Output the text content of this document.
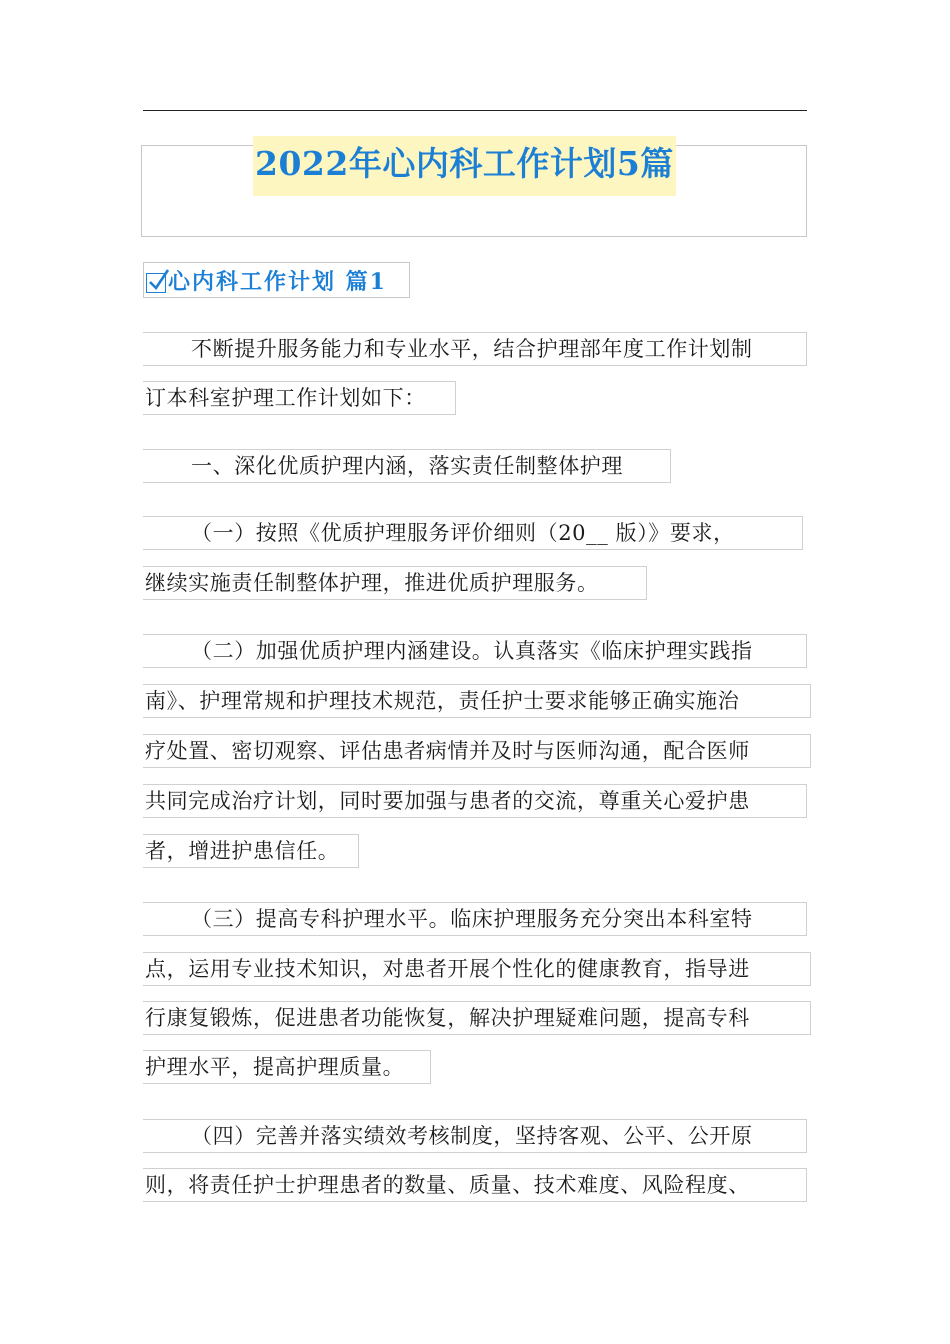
2022年心内科工作计划5篇
心内科工作计划 篇1
不断提升服务能力和专业水平，结合护理部年度工作计划制
订本科室护理工作计划如下：
一、深化优质护理内涵，落实责任制整体护理
（一）按照《优质护理服务评价细则（20__ 版）》要求，
继续实施责任制整体护理，推进优质护理服务。
（二）加强优质护理内涵建设。认真落实《临床护理实践指
南》、护理常规和护理技术规范，责任护士要求能够正确实施治
疗处置、密切观察、评估患者病情并及时与医师沟通，配合医师
共同完成治疗计划，同时要加强与患者的交流，尊重关心爱护患
者，增进护患信任。
（三）提高专科护理水平。临床护理服务充分突出本科室特
点，运用专业技术知识，对患者开展个性化的健康教育，指导进
行康复锻炼，促进患者功能恢复，解决护理疑难问题，提高专科
护理水平，提高护理质量。
（四）完善并落实绩效考核制度，坚持客观、公平、公开原
则，将责任护士护理患者的数量、质量、技术难度、风险程度、
